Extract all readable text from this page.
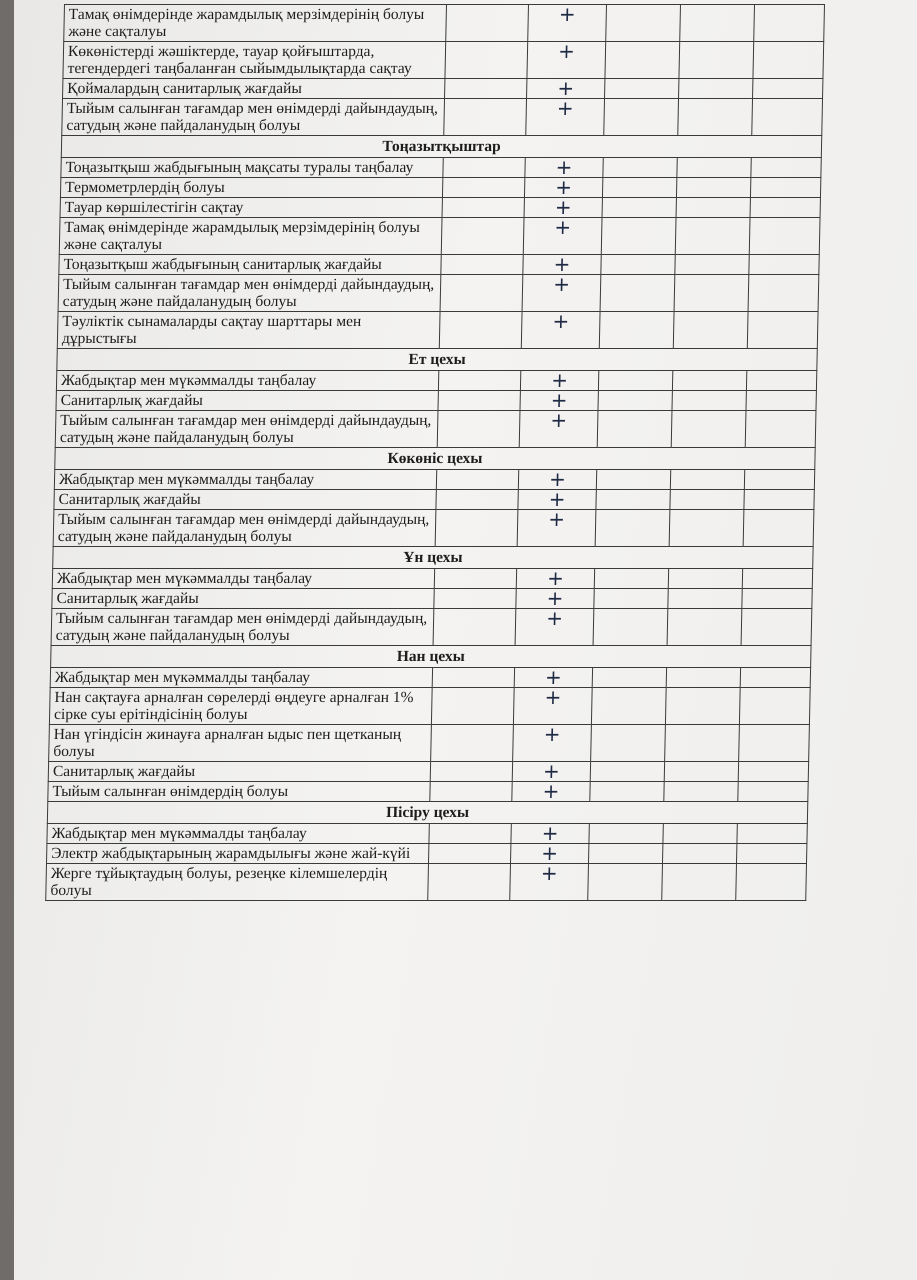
Тамақ өнімдерінде жарамдылық мерзімдерінің болуы және сақталуы		+			
Көкөністерді жәшіктерде, тауар қойғыштарда, тегендердегі таңбаланған сыйымдылықтарда сақтау		+			
Қоймалардың санитарлық жағдайы		+			
Тыйым салынған тағамдар мен өнімдерді дайындаудың, сатудың және пайдаланудың болуы		+			
Тоңазытқыштар					
Тоңазытқыш жабдығының мақсаты туралы таңбалау		+			
Термометрлердің болуы		+			
Тауар көршілестігін сақтау		+			
Тамақ өнімдерінде жарамдылық мерзімдерінің болуы және сақталуы		+			
Тоңазытқыш жабдығының санитарлық жағдайы		+			
Тыйым салынған тағамдар мен өнімдерді дайындаудың, сатудың және пайдаланудың болуы		+			
Тәуліктік сынамаларды сақтау шарттары мен дұрыстығы		+			
Ет цехы					
Жабдықтар мен мүкәммалды таңбалау		+			
Санитарлық жағдайы		+			
Тыйым салынған тағамдар мен өнімдерді дайындаудың, сатудың және пайдаланудың болуы		+			
Көкөніс цехы					
Жабдықтар мен мүкәммалды таңбалау		+			
Санитарлық жағдайы		+			
Тыйым салынған тағамдар мен өнімдерді дайындаудың, сатудың және пайдаланудың болуы		+			
Ұн цехы					
Жабдықтар мен мүкәммалды таңбалау		+			
Санитарлық жағдайы		+			
Тыйым салынған тағамдар мен өнімдерді дайындаудың, сатудың және пайдаланудың болуы		+			
Нан цехы					
Жабдықтар мен мүкәммалды таңбалау		+			
Нан сақтауға арналған сөрелерді өңдеуге арналған 1% сірке суы ерітіндісінің болуы		+			
Нан үгіндісін жинауға арналған ыдыс пен щетканың болуы		+			
Санитарлық жағдайы		+			
Тыйым салынған өнімдердің болуы		+			
Пісіру цехы					
Жабдықтар мен мүкәммалды таңбалау		+			
Электр жабдықтарының жарамдылығы және жай-күйі		+			
Жерге тұйықтаудың болуы, резеңке кілемшелердің болуы		+			
